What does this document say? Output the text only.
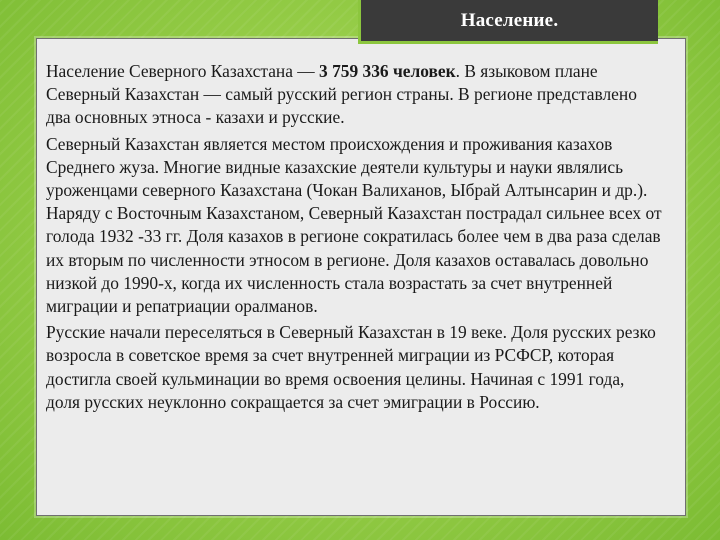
Население.

Население Северного Казахстана — 3 759 336 человек. В языковом плане Северный Казахстан — самый русский регион страны. В регионе представлено два основных этноса - казахи и русские.

Северный Казахстан является местом происхождения и проживания казахов Среднего жуза. Многие видные казахские деятели культуры и науки являлись уроженцами северного Казахстана (Чокан Валиханов, Ыбрай Алтынсарин и др.). Наряду с Восточным Казахстаном, Северный Казахстан пострадал сильнее всех от голода 1932 -33 гг. Доля казахов в регионе сократилась более чем в два раза сделав их вторым по численности этносом в регионе. Доля казахов оставалась довольно низкой до 1990-х, когда их численность стала возрастать за счет внутренней миграции и репатриации оралманов.

Русские начали переселяться в Северный Казахстан в 19 веке. Доля русских резко возросла в советское время за счет внутренней миграции из РСФСР, которая достигла своей кульминации во время освоения целины. Начиная с 1991 года, доля русских неуклонно сокращается за счет эмиграции в Россию.
